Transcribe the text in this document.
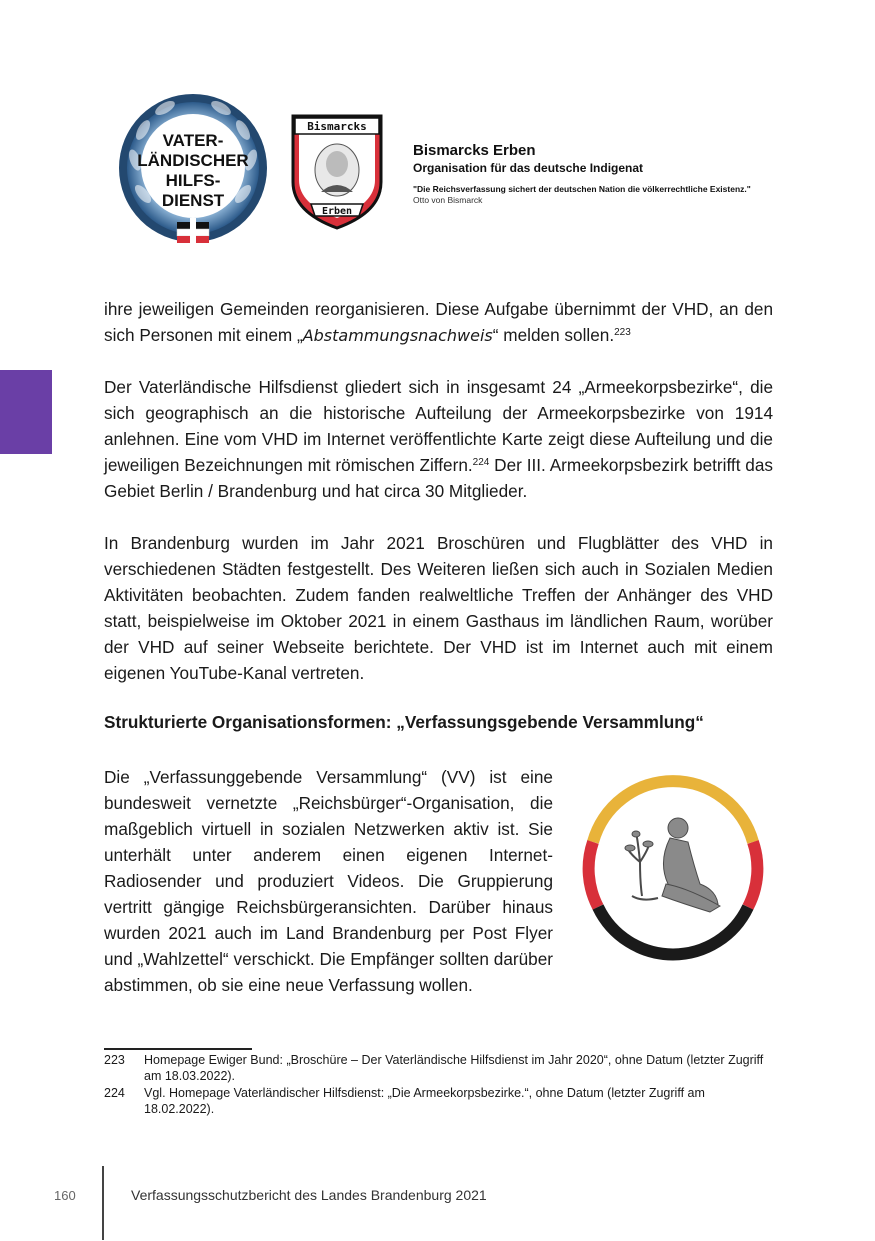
VATER-
LÄNDISCHER
HILFS-
DIENST
Bismarcks
Erben
Bismarcks Erben
Organisation für das deutsche Indigenat
"Die Reichsverfassung sichert der deutschen Nation die völkerrechtliche Existenz."
Otto von Bismarck

ihre jeweiligen Gemeinden reorganisieren. Diese Aufgabe übernimmt der VHD, an den sich Personen mit einem „Abstammungsnachweis“ melden sollen.$^{223}$

Der Vaterländische Hilfsdienst gliedert sich in insgesamt 24 „Armeekorpsbezirke“, die sich geographisch an die historische Aufteilung der Armeekorpsbezirke von 1914 anlehnen. Eine vom VHD im Internet veröffentlichte Karte zeigt diese Aufteilung und die jeweiligen Bezeichnungen mit römischen Ziffern.$^{224}$ Der III. Armeekorpsbezirk betrifft das Gebiet Berlin / Brandenburg und hat circa 30 Mitglieder.

In Brandenburg wurden im Jahr 2021 Broschüren und Flugblätter des VHD in verschiedenen Städten festgestellt. Des Weiteren ließen sich auch in Sozialen Medien Aktivitäten beobachten. Zudem fanden realweltliche Treffen der Anhänger des VHD statt, beispielweise im Oktober 2021 in einem Gasthaus im ländlichen Raum, worüber der VHD auf seiner Webseite berichtete. Der VHD ist im Internet auch mit einem eigenen YouTube-Kanal vertreten.

Strukturierte Organisationsformen: „Verfassungsgebende Versammlung“

Die „Verfassunggebende Versammlung“ (VV) ist eine bundesweit vernetzte „Reichsbürger“-Organisation, die maßgeblich virtuell in sozialen Netzwerken aktiv ist. Sie unterhält unter anderem einen eigenen Internet-Radiosender und produziert Videos. Die Gruppierung vertritt gängige Reichsbürgeransichten. Darüber hinaus wurden 2021 auch im Land Brandenburg per Post Flyer und „Wahlzettel“ verschickt. Die Empfänger sollten darüber abstimmen, ob sie eine neue Verfassung wollen.

223	Homepage Ewiger Bund: „Broschüre – Der Vaterländische Hilfsdienst im Jahr 2020“, ohne Datum (letzter Zugriff am 18.03.2022).
224	Vgl. Homepage Vaterländischer Hilfsdienst: „Die Armeekorpsbezirke.“, ohne Datum (letzter Zugriff am 18.02.2022).
160	Verfassungsschutzbericht des Landes Brandenburg 2021
